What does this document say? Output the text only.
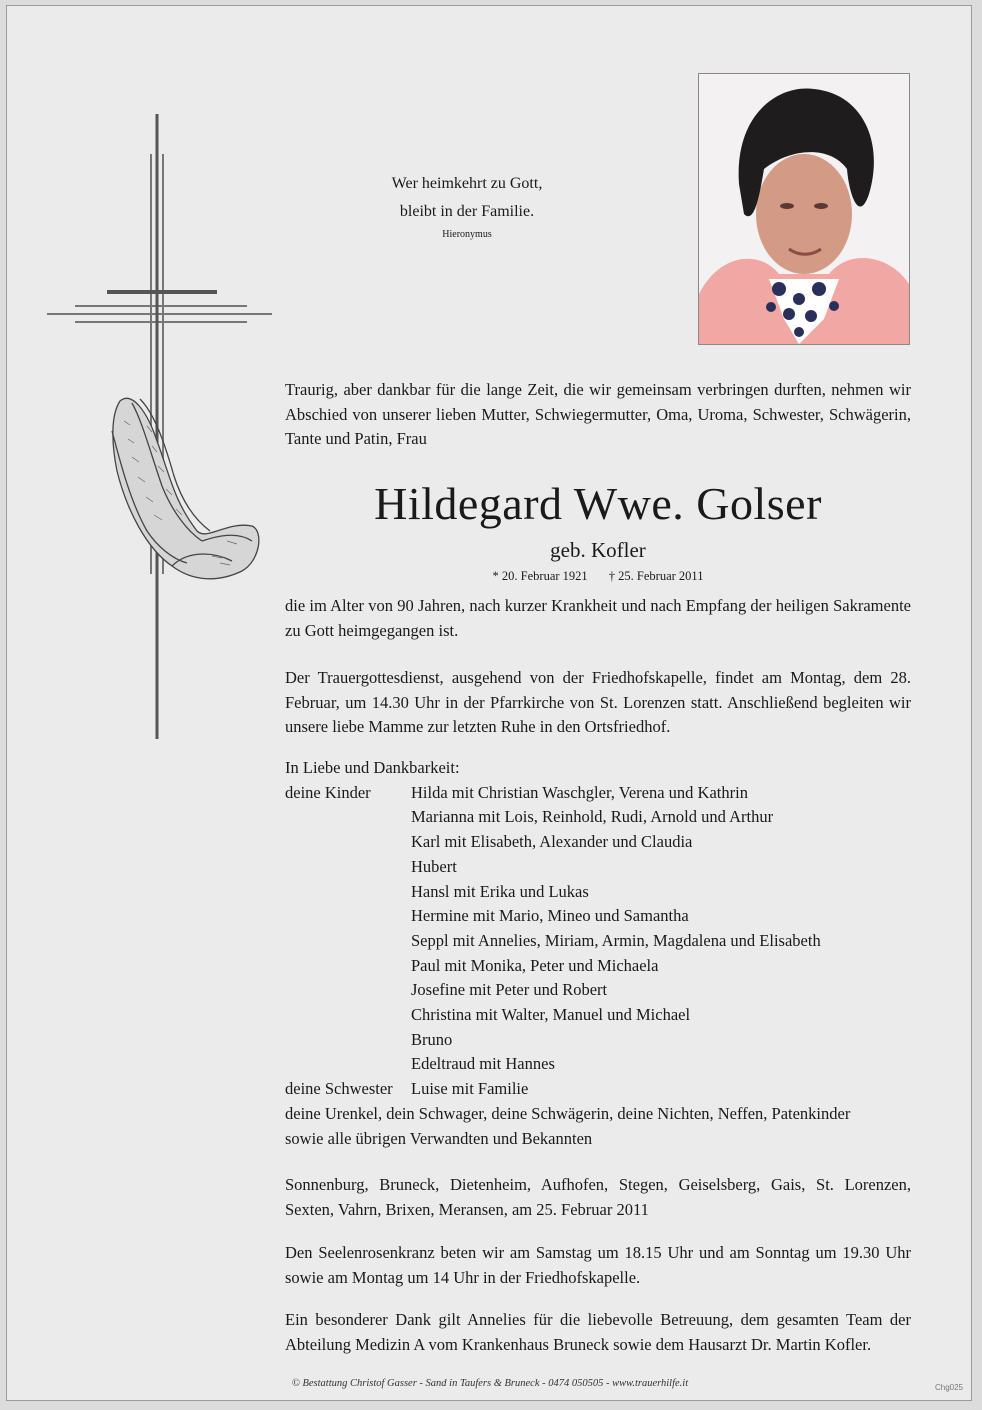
Wer heimkehrt zu Gott,
bleibt in der Familie.
Hieronymus
Traurig, aber dankbar für die lange Zeit, die wir gemeinsam verbringen durften, nehmen wir Abschied von unserer lieben Mutter, Schwiegermutter, Oma, Uroma, Schwester, Schwägerin, Tante und Patin, Frau
Hildegard Wwe. Golser
geb. Kofler
* 20. Februar 1921 † 25. Februar 2011
die im Alter von 90 Jahren, nach kurzer Krankheit und nach Empfang der heiligen Sakramente zu Gott heimgegangen ist.
Der Trauergottesdienst, ausgehend von der Friedhofskapelle, findet am Montag, dem 28. Februar, um 14.30 Uhr in der Pfarrkirche von St. Lorenzen statt. Anschließend begleiten wir unsere liebe Mamme zur letzten Ruhe in den Ortsfriedhof.
In Liebe und Dankbarkeit:
deine Kinder	Hilda mit Christian Waschgler, Verena und Kathrin
Marianna mit Lois, Reinhold, Rudi, Arnold und Arthur
Karl mit Elisabeth, Alexander und Claudia
Hubert
Hansl mit Erika und Lukas
Hermine mit Mario, Mineo und Samantha
Seppl mit Annelies, Miriam, Armin, Magdalena und Elisabeth
Paul mit Monika, Peter und Michaela
Josefine mit Peter und Robert
Christina mit Walter, Manuel und Michael
Bruno
Edeltraud mit Hannes
deine Schwester	Luise mit Familie
deine Urenkel, dein Schwager, deine Schwägerin, deine Nichten, Neffen, Patenkinder
sowie alle übrigen Verwandten und Bekannten
Sonnenburg, Bruneck, Dietenheim, Aufhofen, Stegen, Geiselsberg, Gais, St. Lorenzen, Sexten, Vahrn, Brixen, Meransen, am 25. Februar 2011
Den Seelenrosenkranz beten wir am Samstag um 18.15 Uhr und am Sonntag um 19.30 Uhr sowie am Montag um 14 Uhr in der Friedhofskapelle.
Ein besonderer Dank gilt Annelies für die liebevolle Betreuung, dem gesamten Team der Abteilung Medizin A vom Krankenhaus Bruneck sowie dem Hausarzt Dr. Martin Kofler.
© Bestattung Christof Gasser - Sand in Taufers & Bruneck - 0474 050505 - www.trauerhilfe.it	Chg025
